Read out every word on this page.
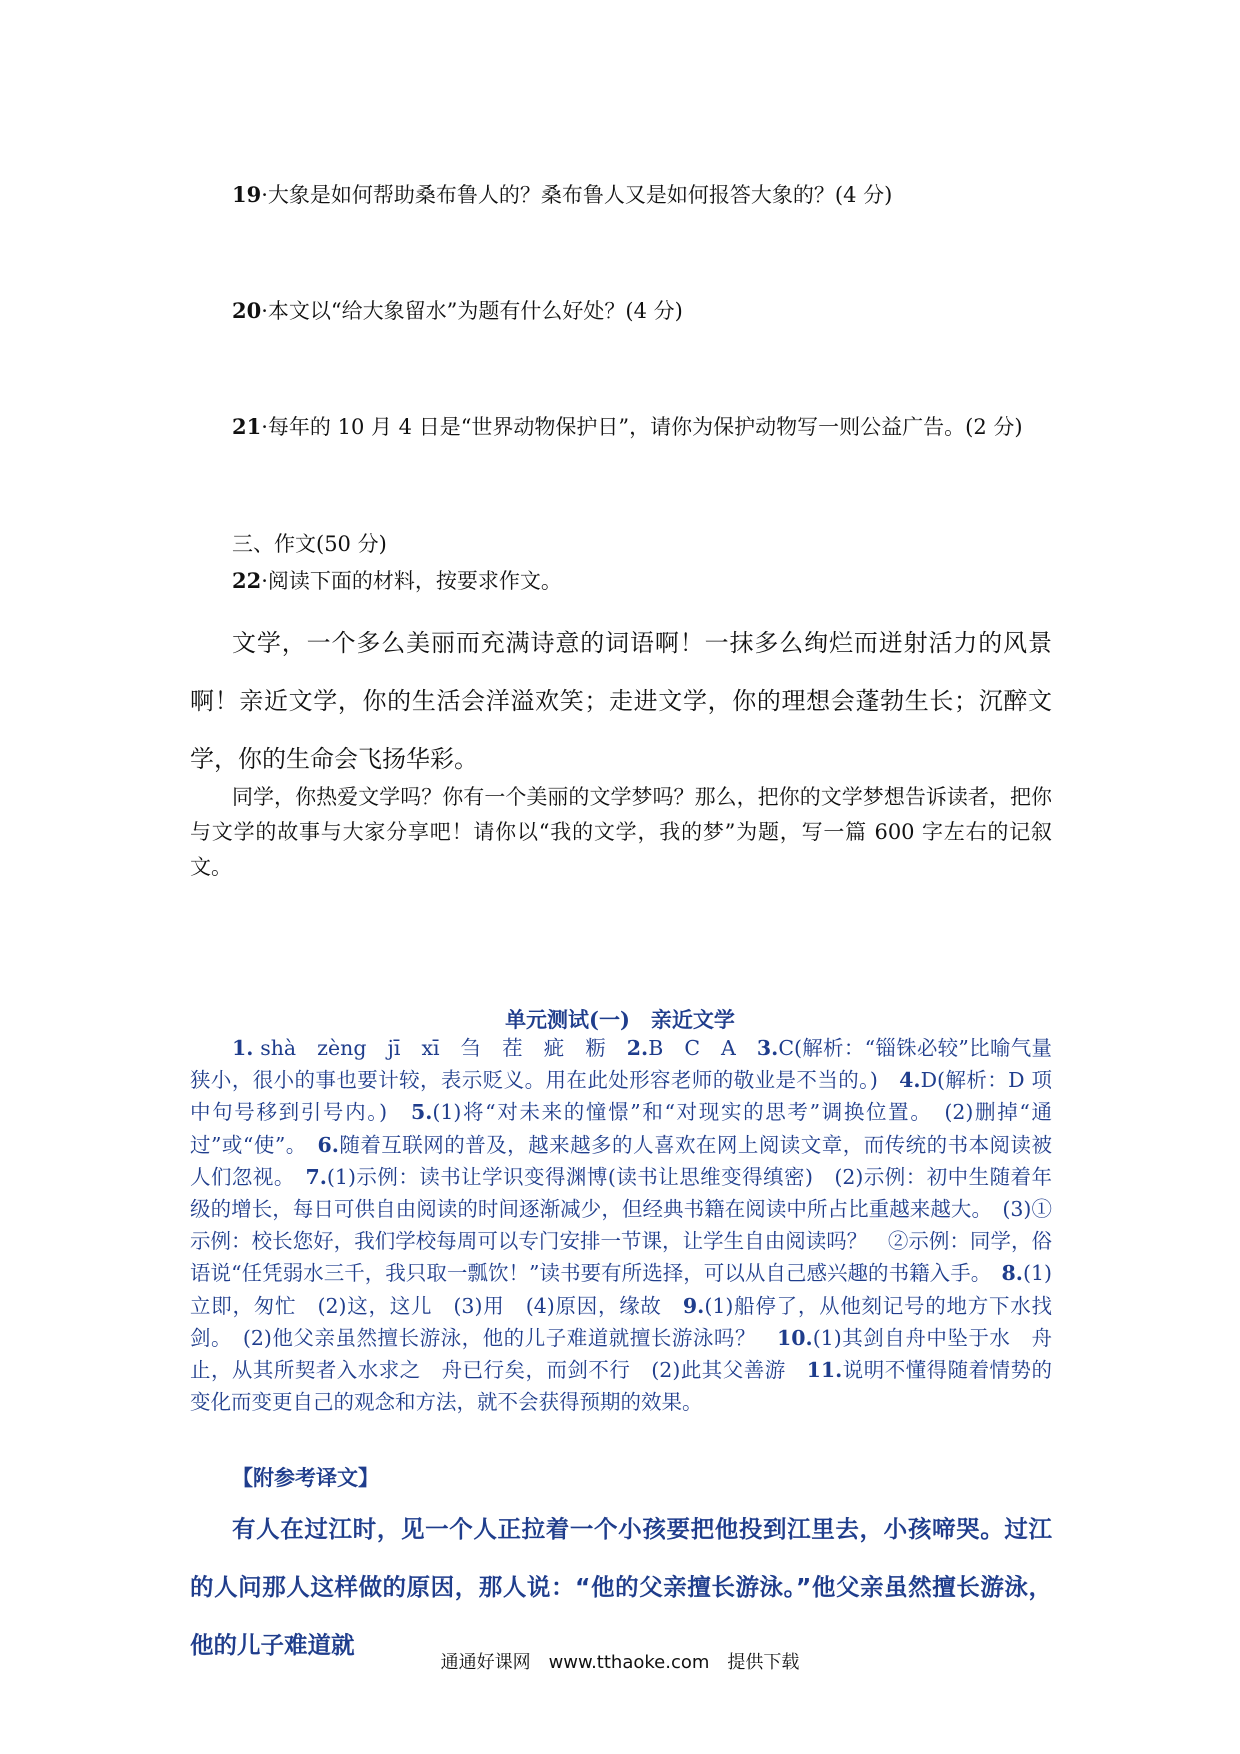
19·大象是如何帮助桑布鲁人的？桑布鲁人又是如何报答大象的？(4 分)
20·本文以“给大象留水”为题有什么好处？(4 分)
21·每年的 10 月 4 日是“世界动物保护日”，请你为保护动物写一则公益广告。(2 分)
三、作文(50 分)
22·阅读下面的材料，按要求作文。

文学，一个多么美丽而充满诗意的词语啊！一抹多么绚烂而迸射活力的风景啊！亲近文学，你的生活会洋溢欢笑；走进文学，你的理想会蓬勃生长；沉醉文学，你的生命会飞扬华彩。

同学，你热爱文学吗？你有一个美丽的文学梦吗？那么，把你的文学梦想告诉读者，把你与文学的故事与大家分享吧！请你以“我的文学，我的梦”为题，写一篇 600 字左右的记叙文。

单元测试(一)　亲近文学

1. shà　zèng　jī　xī　刍　茬　疵　粝　2.B　C　A　3.C(解析：“锱铢必较”比喻气量狭小，很小的事也要计较，表示贬义。用在此处形容老师的敬业是不当的。)　4.D(解析：D 项中句号移到引号内。)　5.(1)将“对未来的憧憬”和“对现实的思考”调换位置。　(2)删掉“通过”或“使”。　6.随着互联网的普及，越来越多的人喜欢在网上阅读文章，而传统的书本阅读被人们忽视。　7.(1)示例：读书让学识变得渊博(读书让思维变得缜密)　(2)示例：初中生随着年级的增长，每日可供自由阅读的时间逐渐减少，但经典书籍在阅读中所占比重越来越大。　(3)①示例：校长您好，我们学校每周可以专门安排一节课，让学生自由阅读吗？　②示例：同学，俗语说“任凭弱水三千，我只取一瓢饮！”读书要有所选择，可以从自己感兴趣的书籍入手。　8.(1)立即，匆忙　(2)这，这儿　(3)用　(4)原因，缘故　9.(1)船停了，从他刻记号的地方下水找剑。　(2)他父亲虽然擅长游泳，他的儿子难道就擅长游泳吗？　10.(1)其剑自舟中坠于水　舟止，从其所契者入水求之　舟已行矣，而剑不行　(2)此其父善游　11.说明不懂得随着情势的变化而变更自己的观念和方法，就不会获得预期的效果。

【附参考译文】

有人在过江时，见一个人正拉着一个小孩要把他投到江里去，小孩啼哭。过江的人问那人这样做的原因，那人说：“他的父亲擅长游泳。”他父亲虽然擅长游泳，他的儿子难道就

通通好课网　www.tthaoke.com　提供下载
